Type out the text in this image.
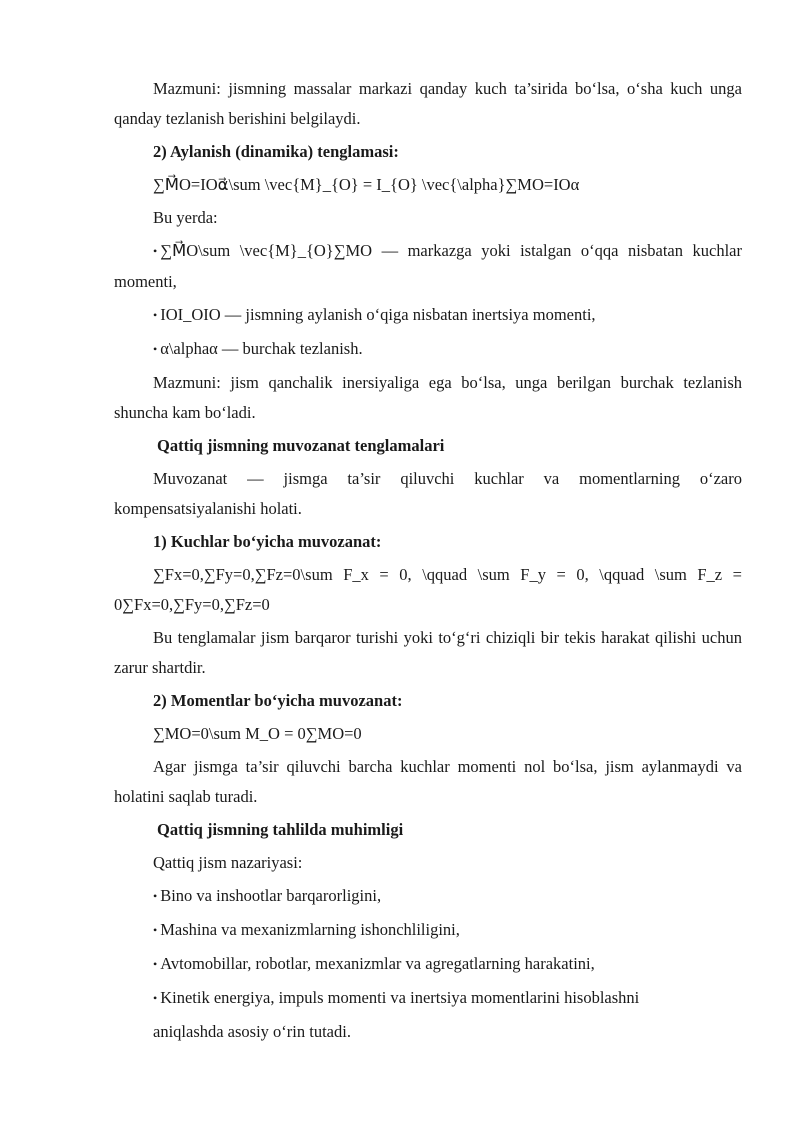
Mazmuni: jismning massalar markazi qanday kuch ta’sirida bo‘lsa, o‘sha kuch unga qanday tezlanish berishini belgilaydi.

2) Aylanish (dinamika) tenglamasi:
∑M⃗O=IOα⃗\sum \vec{M}_{O} = I_{O} \vec{\alpha}∑MO=IOα
Bu yerda:

• ∑M⃗O\sum \vec{M}_{O}∑MO — markazga yoki istalgan o‘qqa nisbatan kuchlar momenti,

• IOI_OIO — jismning aylanish o‘qiga nisbatan inertsiya momenti,
• α\alphaα — burchak tezlanish.

Mazmuni: jism qanchalik inersiyaliga ega bo‘lsa, unga berilgan burchak tezlanish shuncha kam bo‘ladi.

Qattiq jismning muvozanat tenglamalari

Muvozanat — jismga ta’sir qiluvchi kuchlar va momentlarning o‘zaro kompensatsiyalanishi holati.

1) Kuchlar bo‘yicha muvozanat:

∑Fx=0,∑Fy=0,∑Fz=0\sum F_x = 0, \qquad \sum F_y = 0, \qquad \sum F_z = 0∑Fx=0,∑Fy=0,∑Fz=0

Bu tenglamalar jism barqaror turishi yoki to‘g‘ri chiziqli bir tekis harakat qilishi uchun zarur shartdir.

2) Momentlar bo‘yicha muvozanat:
∑MO=0\sum M_O = 0∑MO=0

Agar jismga ta’sir qiluvchi barcha kuchlar momenti nol bo‘lsa, jism aylanmaydi va holatini saqlab turadi.

Qattiq jismning tahlilda muhimligi
Qattiq jism nazariyasi:
• Bino va inshootlar barqarorligini,
• Mashina va mexanizmlarning ishonchliligini,
• Avtomobillar, robotlar, mexanizmlar va agregatlarning harakatini,
• Kinetik energiya, impuls momenti va inertsiya momentlarini hisoblashni
aniqlashda asosiy o‘rin tutadi.
